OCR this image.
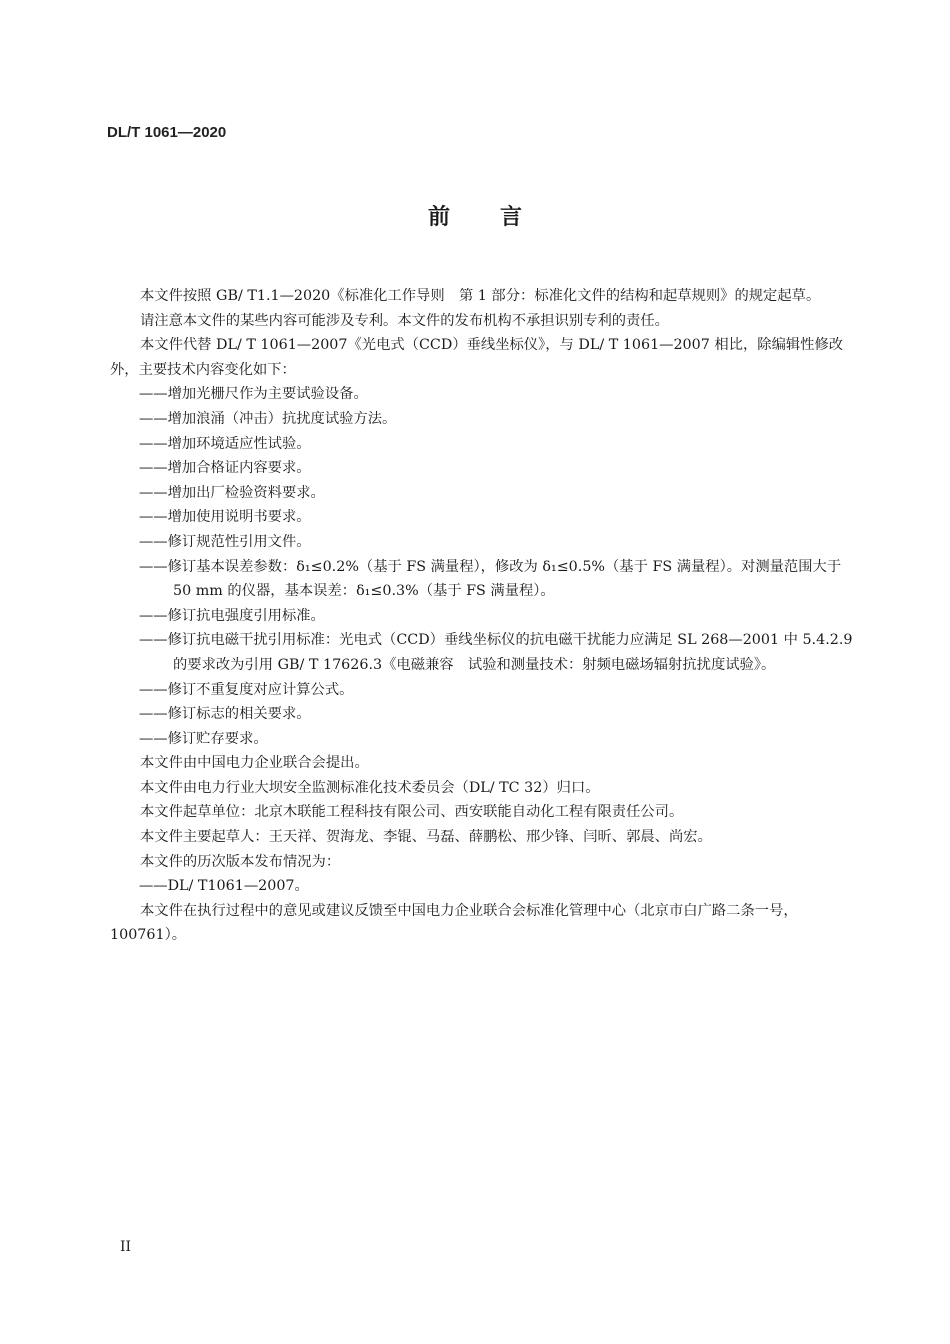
DL/T 1061—2020
前言

本文件按照 GB/ T1.1—2020《标准化工作导则　第 1 部分：标准化文件的结构和起草规则》的规定起草。

请注意本文件的某些内容可能涉及专利。本文件的发布机构不承担识别专利的责任。

本文件代替 DL/ T 1061—2007《光电式（CCD）垂线坐标仪》，与 DL/ T 1061—2007 相比，除编辑性修改外，主要技术内容变化如下：

——增加光栅尺作为主要试验设备。

——增加浪涌（冲击）抗扰度试验方法。

——增加环境适应性试验。

——增加合格证内容要求。

——增加出厂检验资料要求。

——增加使用说明书要求。

——修订规范性引用文件。

——修订基本误差参数：δ₁≤0.2%（基于 FS 满量程），修改为 δ₁≤0.5%（基于 FS 满量程）。对测量范围大于 50 mm 的仪器，基本误差：δ₁≤0.3%（基于 FS 满量程）。

——修订抗电强度引用标准。

——修订抗电磁干扰引用标准：光电式（CCD）垂线坐标仪的抗电磁干扰能力应满足 SL 268—2001 中 5.4.2.9 的要求改为引用 GB/ T 17626.3《电磁兼容　试验和测量技术：射频电磁场辐射抗扰度试验》。

——修订不重复度对应计算公式。

——修订标志的相关要求。

——修订贮存要求。

本文件由中国电力企业联合会提出。

本文件由电力行业大坝安全监测标准化技术委员会（DL/ TC 32）归口。

本文件起草单位：北京木联能工程科技有限公司、西安联能自动化工程有限责任公司。

本文件主要起草人：王天祥、贺海龙、李锟、马磊、薛鹏松、邢少锋、闫昕、郭晨、尚宏。

本文件的历次版本发布情况为：

——DL/ T1061—2007。

本文件在执行过程中的意见或建议反馈至中国电力企业联合会标准化管理中心（北京市白广路二条一号，100761）。

II
